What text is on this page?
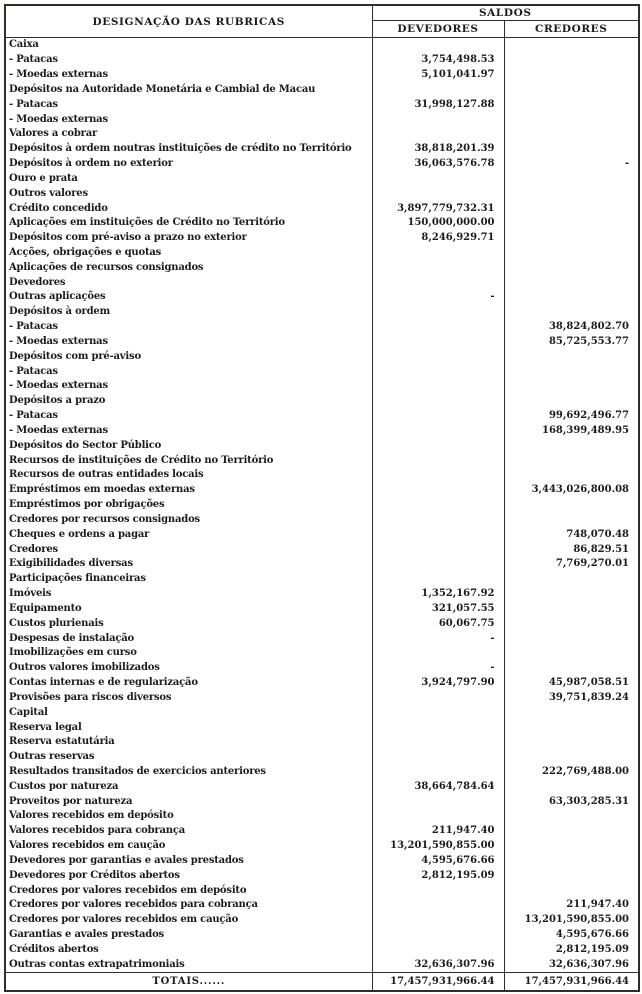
DESIGNAÇÃO DAS RUBRICAS	SALDOS	
	DEVEDORES	CREDORES
Caixa		
- Patacas	3,754,498.53	
- Moedas externas	5,101,041.97	
Depósitos na Autoridade Monetária e Cambial de Macau		
- Patacas	31,998,127.88	
- Moedas externas		
Valores a cobrar		
Depósitos à ordem noutras instituições de crédito no Território	38,818,201.39	
Depósitos à ordem no exterior	36,063,576.78	-
Ouro e prata		
Outros valores		
Crédito concedido	3,897,779,732.31	
Aplicações em instituições de Crédito no Território	150,000,000.00	
Depósitos com pré-aviso a prazo no exterior	8,246,929.71	
Acções, obrigações e quotas		
Aplicações de recursos consignados		
Devedores		
Outras aplicações	-	
Depósitos à ordem		
- Patacas		38,824,802.70
- Moedas externas		85,725,553.77
Depósitos com pré-aviso		
- Patacas		
- Moedas externas		
Depósitos a prazo		
- Patacas		99,692,496.77
- Moedas externas		168,399,489.95
Depósitos do Sector Público		
Recursos de instituições de Crédito no Território		
Recursos de outras entidades locais		
Empréstimos em moedas externas		3,443,026,800.08
Empréstimos por obrigações		
Credores por recursos consignados		
Cheques e ordens a pagar		748,070.48
Credores		86,829.51
Exigibilidades diversas		7,769,270.01
Participações financeiras		
Imóveis	1,352,167.92	
Equipamento	321,057.55	
Custos plurienais	60,067.75	
Despesas de instalação	-	
Imobilizações em curso		
Outros valores imobilizados	-	
Contas internas e de regularização	3,924,797.90	45,987,058.51
Provisões para riscos diversos		39,751,839.24
Capital		
Reserva legal		
Reserva estatutária		
Outras reservas		
Resultados transitados de exercicios anteriores		222,769,488.00
Custos por natureza	38,664,784.64	
Proveitos por natureza		63,303,285.31
Valores recebidos em depósito		
Valores recebidos para cobrança	211,947.40	
Valores recebidos em caução	13,201,590,855.00	
Devedores por garantias e avales prestados	4,595,676.66	
Devedores por Créditos abertos	2,812,195.09	
Credores por valores recebidos em depósito		
Credores por valores recebidos para cobrança		211,947.40
Credores por valores recebidos em caução		13,201,590,855.00
Garantias e avales prestados		4,595,676.66
Créditos abertos		2,812,195.09
Outras contas extrapatrimoniais	32,636,307.96	32,636,307.96
TOTAIS......	17,457,931,966.44	17,457,931,966.44
